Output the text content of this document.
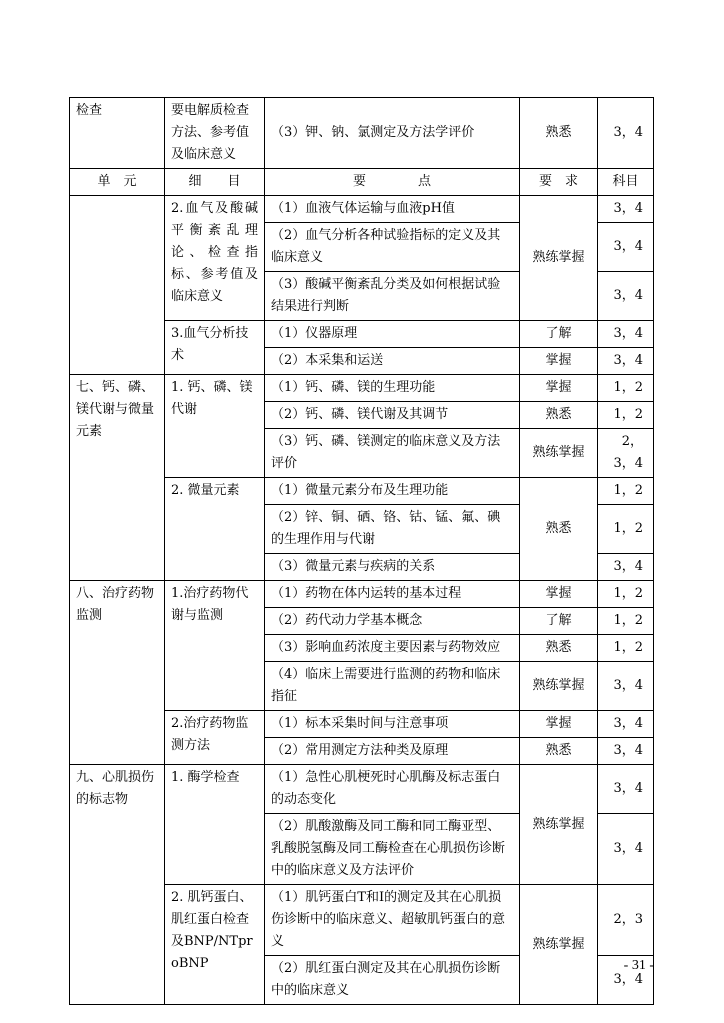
检查	要电解质检查方法、参考值及临床意义	（3）钾、钠、氯测定及方法学评价	熟悉	3，4
单　元	细　　目	要　　　　点	要　求	科目
	2.血气及酸碱平衡紊乱理论、检查指标、参考值及临床意义	（1）血液气体运输与血液pH值	熟练掌握	3，4
		（2）血气分析各种试验指标的定义及其临床意义		3，4
		（3）酸碱平衡紊乱分类及如何根据试验结果进行判断		3，4
	3.血气分析技术	（1）仪器原理	了解	3，4
		（2）本采集和运送	掌握	3，4
七、钙、磷、镁代谢与微量元素	1. 钙、磷、镁代谢	（1）钙、磷、镁的生理功能	掌握	1，2
		（2）钙、磷、镁代谢及其调节	熟悉	1，2
		（3）钙、磷、镁测定的临床意义及方法评价	熟练掌握	2，3，4
	2. 微量元素	（1）微量元素分布及生理功能	熟悉	1，2
		（2）锌、铜、硒、铬、钴、锰、氟、碘的生理作用与代谢		1，2
		（3）微量元素与疾病的关系		3，4
八、治疗药物监测	1.治疗药物代谢与监测	（1）药物在体内运转的基本过程	掌握	1，2
		（2）药代动力学基本概念	了解	1，2
		（3）影响血药浓度主要因素与药物效应	熟悉	1，2
		（4）临床上需要进行监测的药物和临床指征	熟练掌握	3，4
	2.治疗药物监测方法	（1）标本采集时间与注意事项	掌握	3，4
		（2）常用测定方法种类及原理	熟悉	3，4
九、心肌损伤的标志物	1. 酶学检查	（1）急性心肌梗死时心肌酶及标志蛋白的动态变化	熟练掌握	3，4
		（2）肌酸激酶及同工酶和同工酶亚型、乳酸脱氢酶及同工酶检查在心肌损伤诊断中的临床意义及方法评价		3，4
	2. 肌钙蛋白、肌红蛋白检查及BNP/NTproBNP	（1）肌钙蛋白T和I的测定及其在心肌损伤诊断中的临床意义、超敏肌钙蛋白的意义	熟练掌握	2，3
		（2）肌红蛋白测定及其在心肌损伤诊断中的临床意义		3，4
- 31 -
